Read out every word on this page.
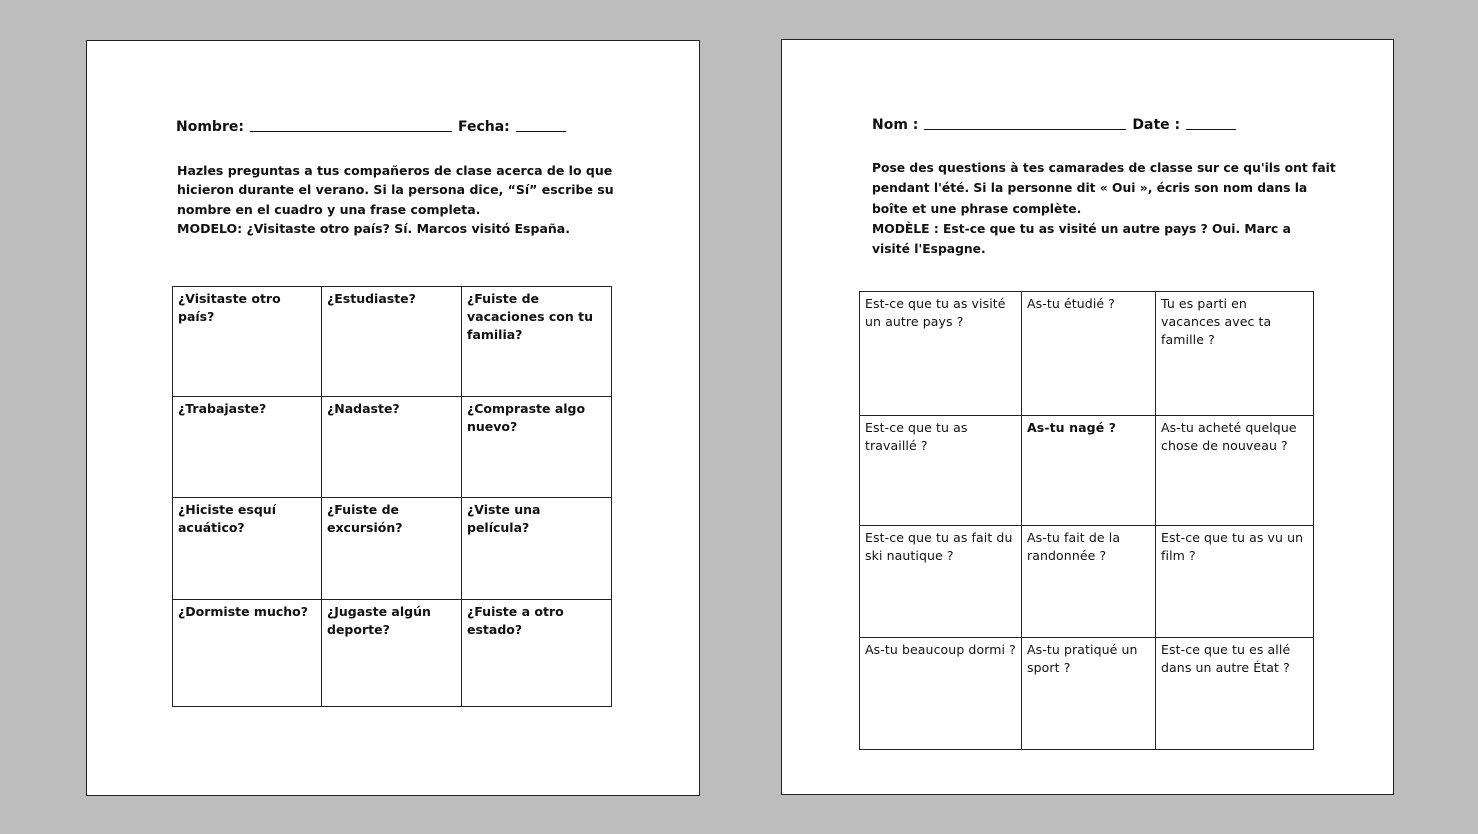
Nombre:	Fecha:

Hazles preguntas a tus compañeros de clase acerca de lo que

hicieron durante el verano. Si la persona dice, “Sí” escribe su

nombre en el cuadro y una frase completa.

MODELO: ¿Visitaste otro país? Sí. Marcos visitó España.

¿Visitaste otro país?	¿Estudiaste?	¿Fuiste de vacaciones con tu familia?
¿Trabajaste?	¿Nadaste?	¿Compraste algo nuevo?
¿Hiciste esquí acuático?	¿Fuiste de excursión?	¿Viste una película?
¿Dormiste mucho?	¿Jugaste algún deporte?	¿Fuiste a otro estado?
Nom :	Date :

Pose des questions à tes camarades de classe sur ce qu'ils ont fait

pendant l'été. Si la personne dit « Oui », écris son nom dans la

boîte et une phrase complète.

MODÈLE : Est-ce que tu as visité un autre pays ? Oui. Marc a

visité l'Espagne.

Est-ce que tu as visité un autre pays ?	As-tu étudié ?	Tu es parti en vacances avec ta famille ?
Est-ce que tu as travaillé ?	As-tu nagé ?	As-tu acheté quelque chose de nouveau ?
Est-ce que tu as fait du ski nautique ?	As-tu fait de la randonnée ?	Est-ce que tu as vu un film ?
As-tu beaucoup dormi ?	As-tu pratiqué un sport ?	Est-ce que tu es allé dans un autre État ?
